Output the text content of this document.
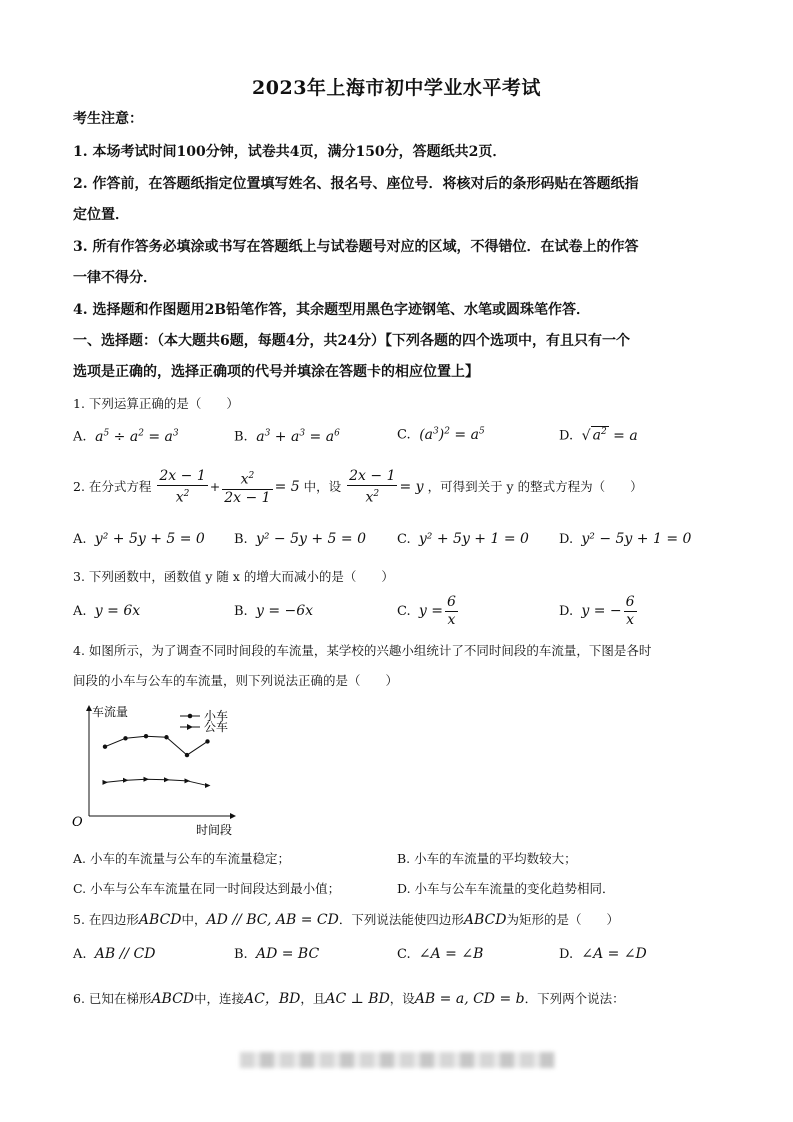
2023年上海市初中学业水平考试
考生注意：
1. 本场考试时间100分钟，试卷共4页，满分150分，答题纸共2页．
2. 作答前，在答题纸指定位置填写姓名、报名号、座位号．将核对后的条形码贴在答题纸指
定位置．
3. 所有作答务必填涂或书写在答题纸上与试卷题号对应的区域，不得错位．在试卷上的作答
一律不得分．
4. 选择题和作图题用2B铅笔作答，其余题型用黑色字迹钢笔、水笔或圆珠笔作答．
一、选择题：（本大题共6题，每题4分，共24分）【下列各题的四个选项中，有且只有一个
选项是正确的，选择正确项的代号并填涂在答题卡的相应位置上】
1. 下列运算正确的是（　　）
A.  $a^5 \div a^2 = a^3$	B.  $a^3 + a^3 = a^6$	C.  $(a^3)^2 = a^5$	D.  √ $a^2 = a$
2. 在分式方程 $\frac{2x - 1}{x^2} + \frac{x^2}{2x - 1} = 5$ 中，设 $\frac{2x - 1}{x^2} = y$ ，可得到关于 y 的整式方程为（　　）
A. y² + 5y + 5 = 0 B. y² − 5y + 5 = 0 C. y² + 5y + 1 = 0 D. y² − 5y + 1 = 0
3. 下列函数中，函数值 y 随 x 的增大而减小的是（　　）
A. y = 6x	B. y = −6x	C. $y = \frac{6}{x}$	D. y = − $\frac{6}{x}$
4. 如图所示，为了调查不同时间段的车流量，某学校的兴趣小组统计了不同时间段的车流量，下图是各时
间段的小车与公车的车流量，则下列说法正确的是（　　）
车流量
时间段
O
小车
公车
A. 小车的车流量与公车的车流量稳定；	B. 小车的车流量的平均数较大；
C. 小车与公车车流量在同一时间段达到最小值；	D. 小车与公车车流量的变化趋势相同．
5. 在四边形ABCD中，AD // BC, AB = CD．下列说法能使四边形ABCD为矩形的是（　　）
A. AB // CD	B. AD = BC	C. ∠A = ∠B	D. ∠A = ∠D
6. 已知在梯形ABCD中，连接AC，BD，且AC ⊥ BD，设AB = a, CD = b．下列两个说法：
